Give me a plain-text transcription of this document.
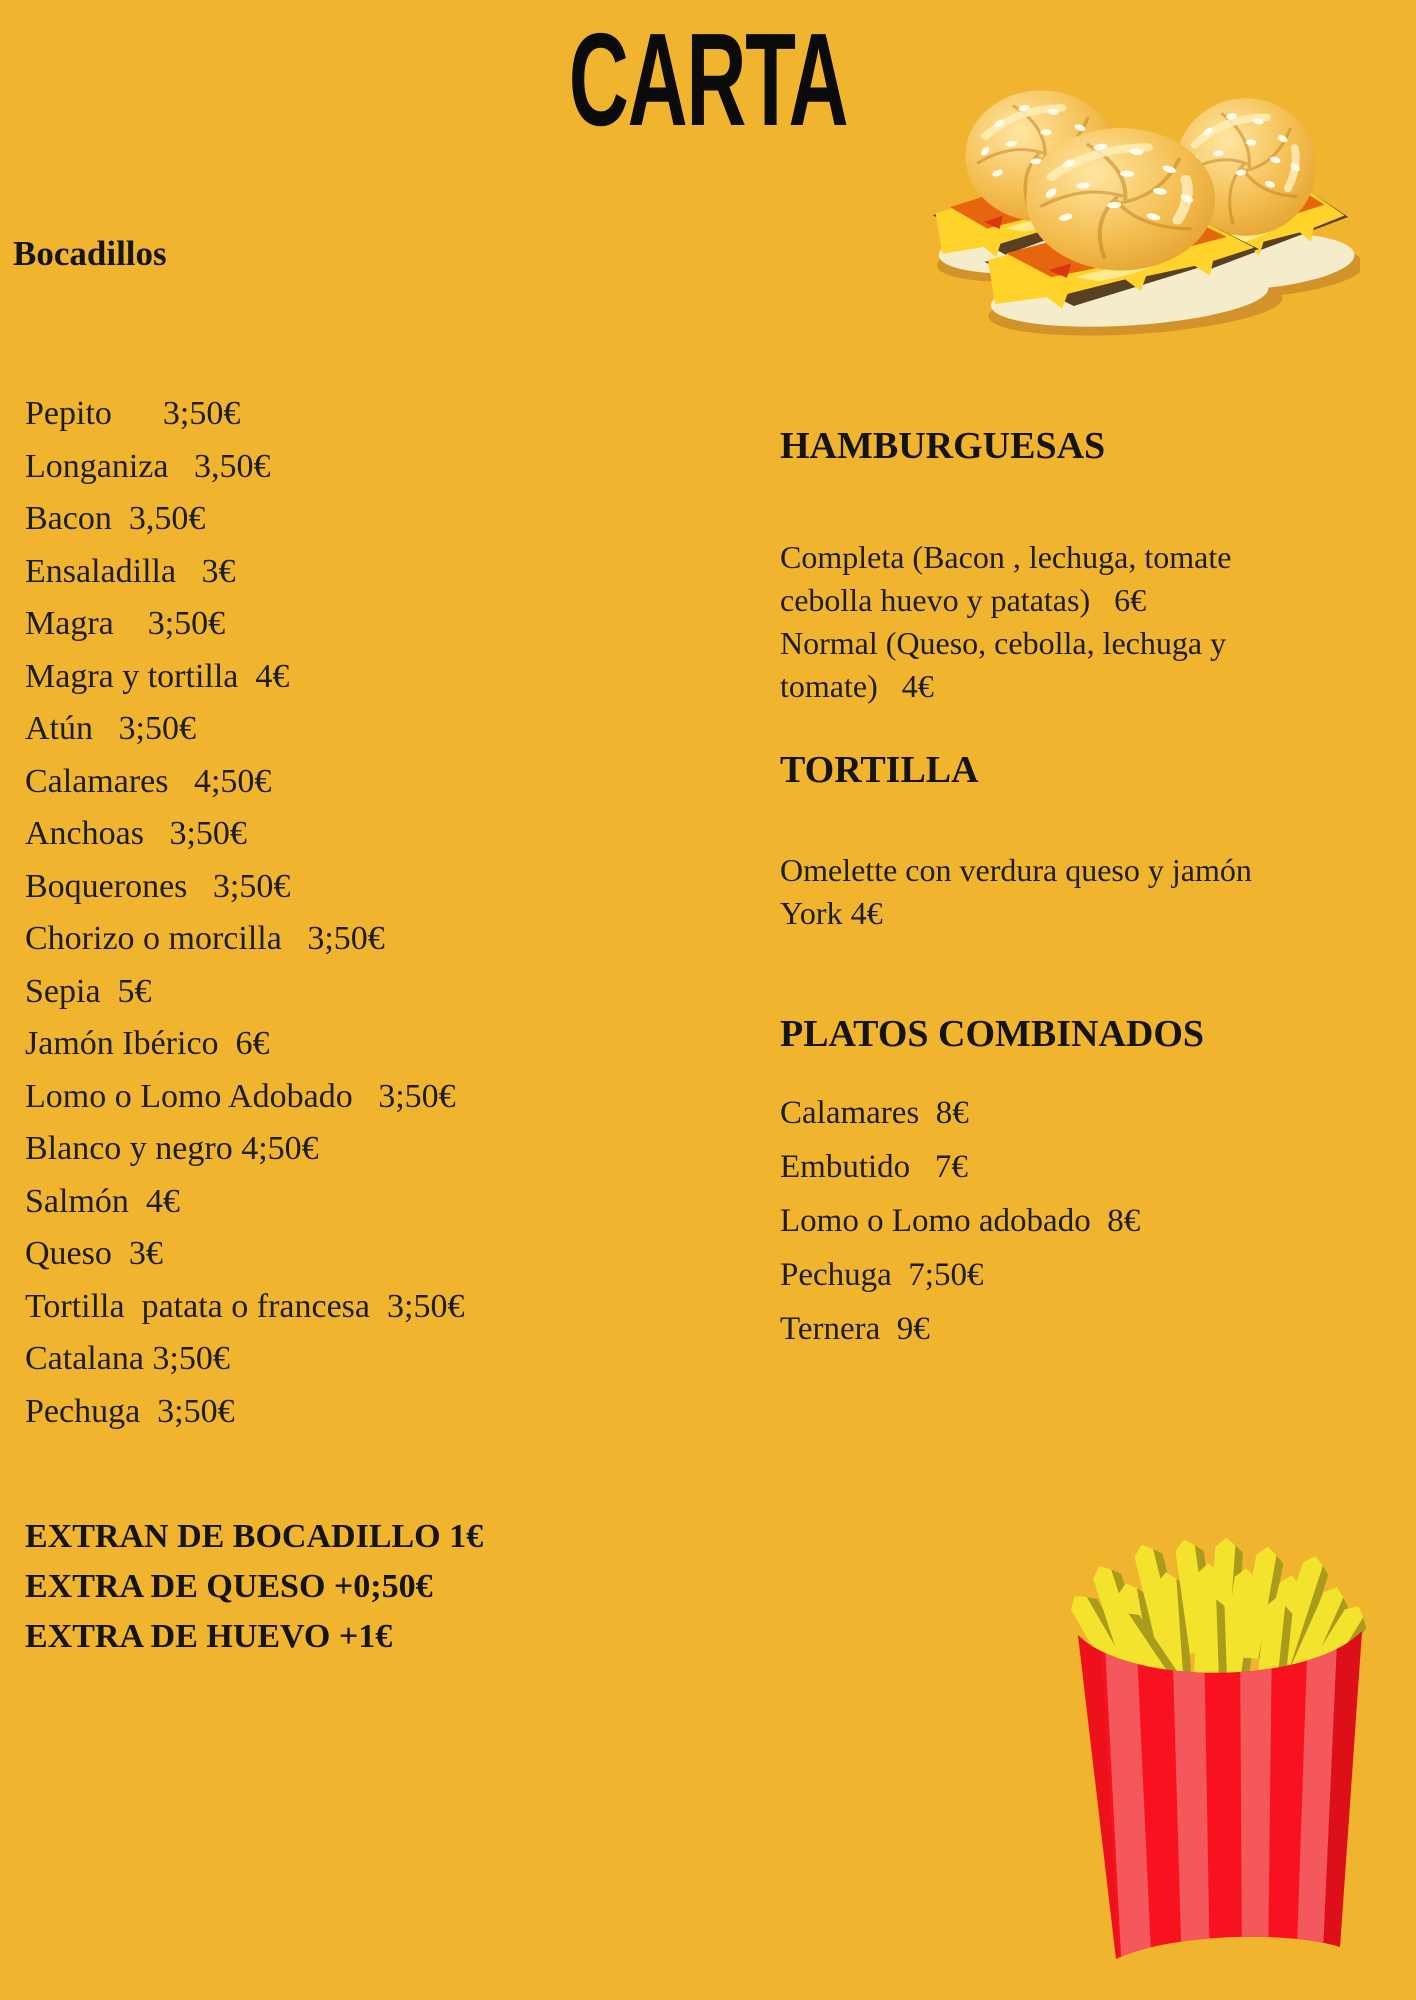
CARTA
Bocadillos
Pepito      3;50€
Longaniza   3,50€
Bacon  3,50€
Ensaladilla   3€
Magra    3;50€
Magra y tortilla  4€
Atún   3;50€
Calamares   4;50€
Anchoas   3;50€
Boquerones   3;50€
Chorizo o morcilla   3;50€
Sepia  5€
Jamón Ibérico  6€
Lomo o Lomo Adobado   3;50€
Blanco y negro 4;50€
Salmón  4€
Queso  3€
Tortilla  patata o francesa  3;50€
Catalana 3;50€
Pechuga  3;50€
EXTRAN DE BOCADILLO 1€
EXTRA DE QUESO +0;50€
EXTRA DE HUEVO +1€
HAMBURGUESAS
Completa (Bacon , lechuga, tomate
cebolla huevo y patatas)   6€
Normal (Queso, cebolla, lechuga y
tomate)   4€
TORTILLA
Omelette con verdura queso y jamón
York 4€
PLATOS COMBINADOS
Calamares  8€
Embutido   7€
Lomo o Lomo adobado  8€
Pechuga  7;50€
Ternera  9€
